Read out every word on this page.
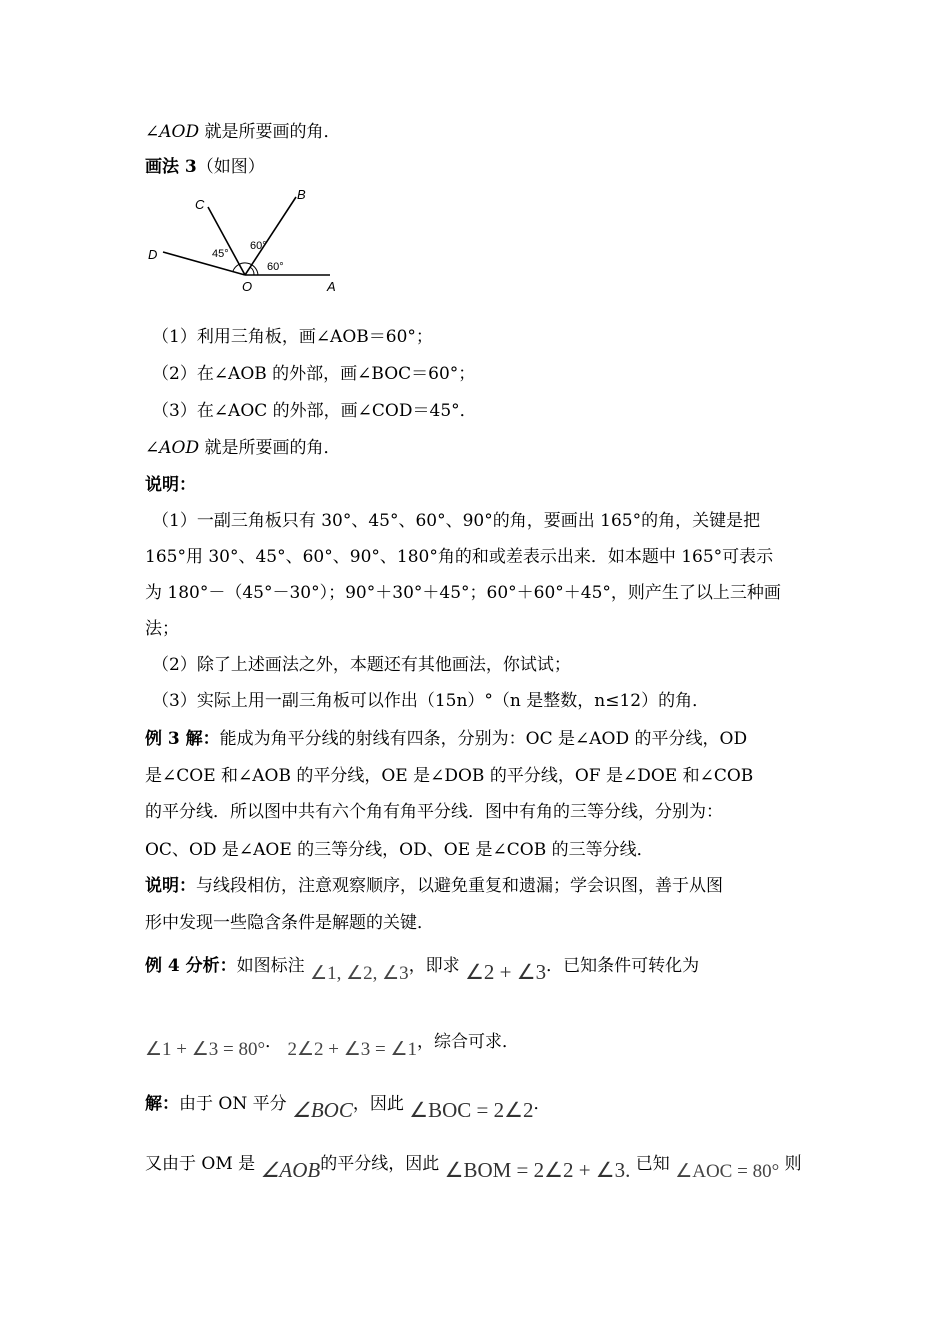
∠AOD 就是所要画的角．
画法 3（如图）
A
B
C
D
O
45°
60°
60°
（1）利用三角板，画∠AOB＝60°；
（2）在∠AOB 的外部，画∠BOC＝60°；
（3）在∠AOC 的外部，画∠COD＝45°．
∠AOD 就是所要画的角．
说明：
（1）一副三角板只有 30°、45°、60°、90°的角，要画出 165°的角，关键是把
165°用 30°、45°、60°、90°、180°角的和或差表示出来．如本题中 165°可表示
为 180°－（45°－30°）；90°＋30°＋45°；60°＋60°＋45°，则产生了以上三种画
法；
（2）除了上述画法之外，本题还有其他画法，你试试；
（3）实际上用一副三角板可以作出（15n）°（n 是整数，n≤12）的角．
例 3 解：能成为角平分线的射线有四条，分别为：OC 是∠AOD 的平分线，OD
是∠COE 和∠AOB 的平分线，OE 是∠DOB 的平分线，OF 是∠DOE 和∠COB
的平分线．所以图中共有六个角有角平分线．图中有角的三等分线，分别为：
OC、OD 是∠AOE 的三等分线，OD、OE 是∠COB 的三等分线．
说明：与线段相仿，注意观察顺序，以避免重复和遗漏；学会识图，善于从图
形中发现一些隐含条件是解题的关键．
例 4 分析：如图标注 ∠1, ∠2, ∠3，即求 ∠2 + ∠3．已知条件可转化为
∠1 + ∠3 = 80°． 2∠2 + ∠3 = ∠1，综合可求．
解：由于 ON 平分 ∠BOC，因此 ∠BOC = 2∠2．
又由于 OM 是 ∠AOB的平分线，因此 ∠BOM = 2∠2 + ∠3. 已知 ∠AOC = 80° 则
